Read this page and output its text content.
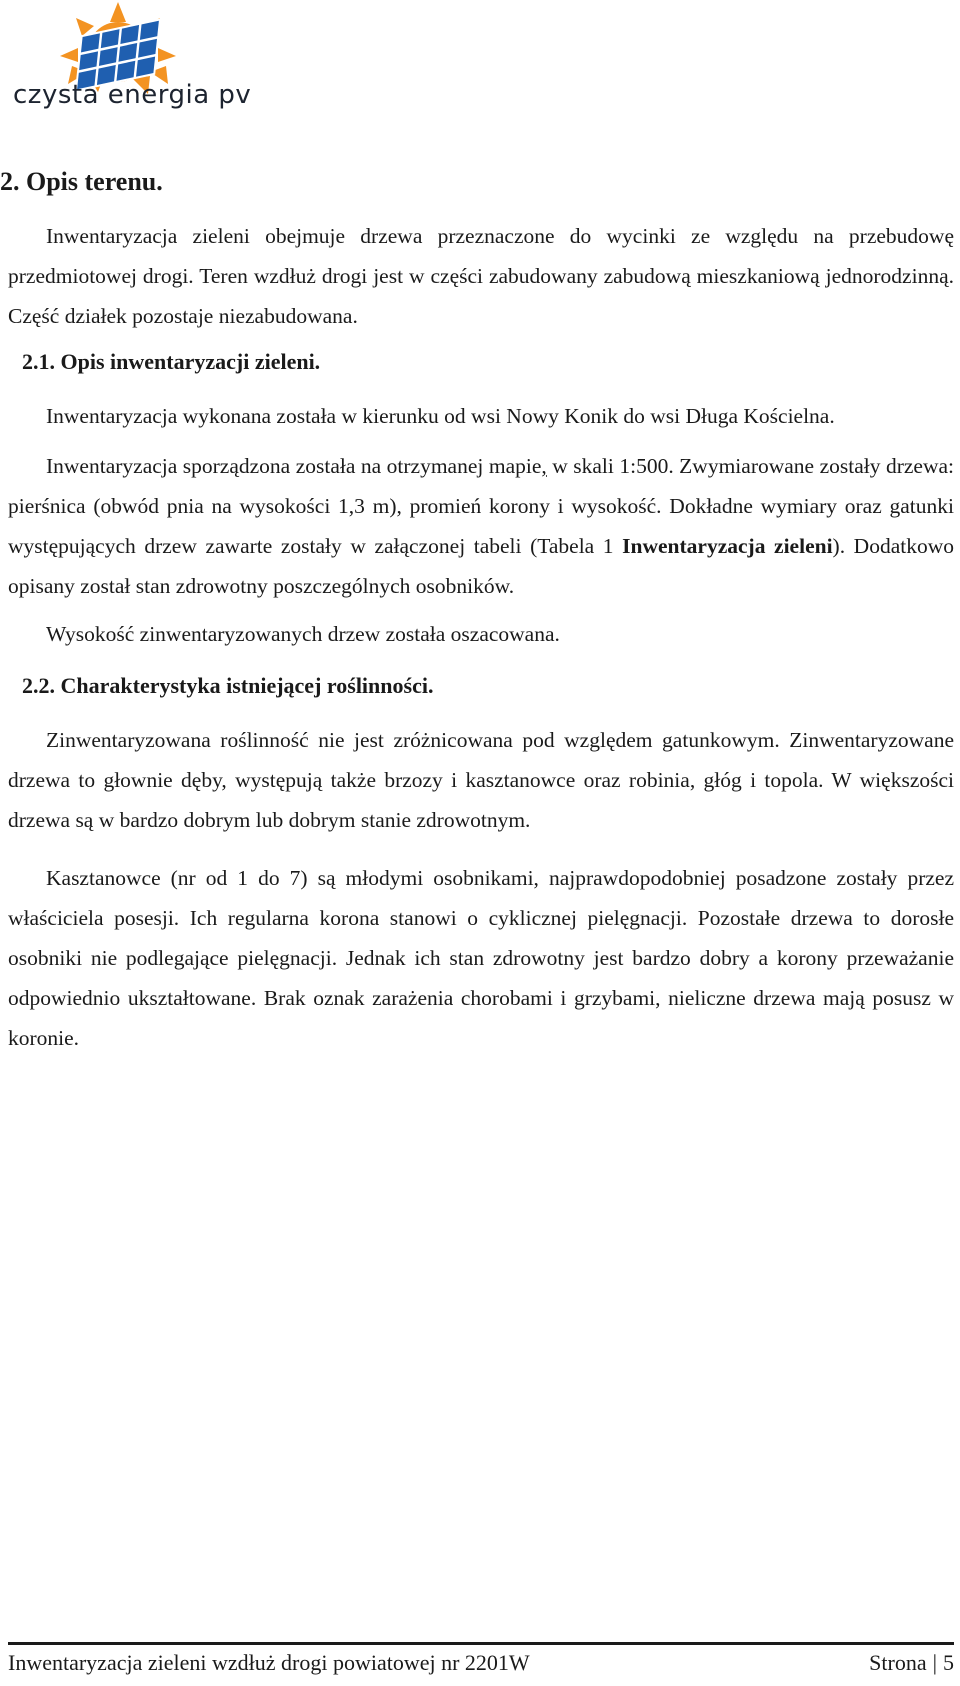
czysta energia pv
2. Opis terenu.

Inwentaryzacja zieleni obejmuje drzewa przeznaczone do wycinki ze względu na przebudowę przedmiotowej drogi. Teren wzdłuż drogi jest w części zabudowany zabudową mieszkaniową jednorodzinną. Część działek pozostaje niezabudowana.

2.1. Opis inwentaryzacji zieleni.

Inwentaryzacja wykonana została w kierunku od wsi Nowy Konik do wsi Długa Kościelna.

Inwentaryzacja sporządzona została na otrzymanej mapie, w skali 1:500. Zwymiarowane zostały drzewa: pierśnica (obwód pnia na wysokości 1,3 m), promień korony i wysokość. Dokładne wymiary oraz gatunki występujących drzew zawarte zostały w załączonej tabeli (Tabela 1 Inwentaryzacja zieleni). Dodatkowo opisany został stan zdrowotny poszczególnych osobników.

Wysokość zinwentaryzowanych drzew została oszacowana.

2.2. Charakterystyka istniejącej roślinności.

Zinwentaryzowana roślinność nie jest zróżnicowana pod względem gatunkowym. Zinwentaryzowane drzewa to głownie dęby, występują także brzozy i kasztanowce oraz robinia, głóg i topola. W większości drzewa są w bardzo dobrym lub dobrym stanie zdrowotnym.

Kasztanowce (nr od 1 do 7) są młodymi osobnikami, najprawdopodobniej posadzone zostały przez właściciela posesji. Ich regularna korona stanowi o cyklicznej pielęgnacji. Pozostałe drzewa to dorosłe osobniki nie podlegające pielęgnacji. Jednak ich stan zdrowotny jest bardzo dobry a korony przeważanie odpowiednio ukształtowane. Brak oznak zarażenia chorobami i grzybami, nieliczne drzewa mają posusz w koronie.

Inwentaryzacja zieleni wzdłuż drogi powiatowej nr 2201W	Strona | 5
